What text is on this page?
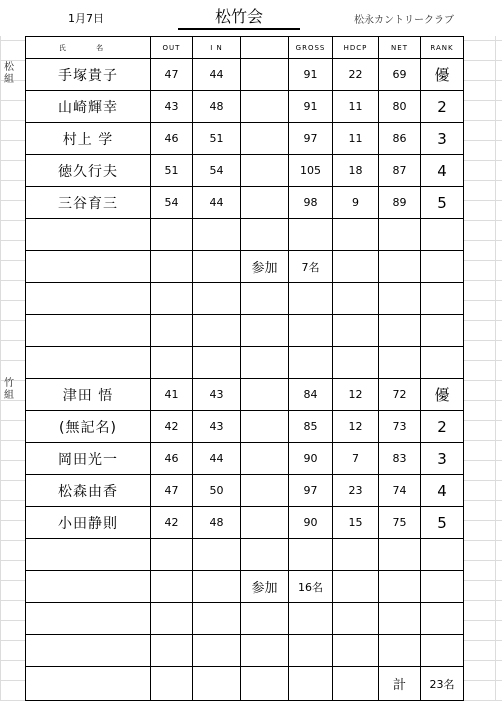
1月7日	松竹会	松永カントリークラブ
松組
竹組
氏 名	OUT	I N		GROSS	HDCP	NET	RANK
手塚貴子	47	44		91	22	69	優
山崎輝幸	43	48		91	11	80	2
村上 学	46	51		97	11	86	3
徳久行夫	51	54		105	18	87	4
三谷育三	54	44		98	9	89	5

			参加	7名			

津田 悟	41	43		84	12	72	優
(無記名)	42	43		85	12	73	2
岡田光一	46	44		90	7	83	3
松森由香	47	50		97	23	74	4
小田静則	42	48		90	15	75	5

			参加	16名			

						計	23名
